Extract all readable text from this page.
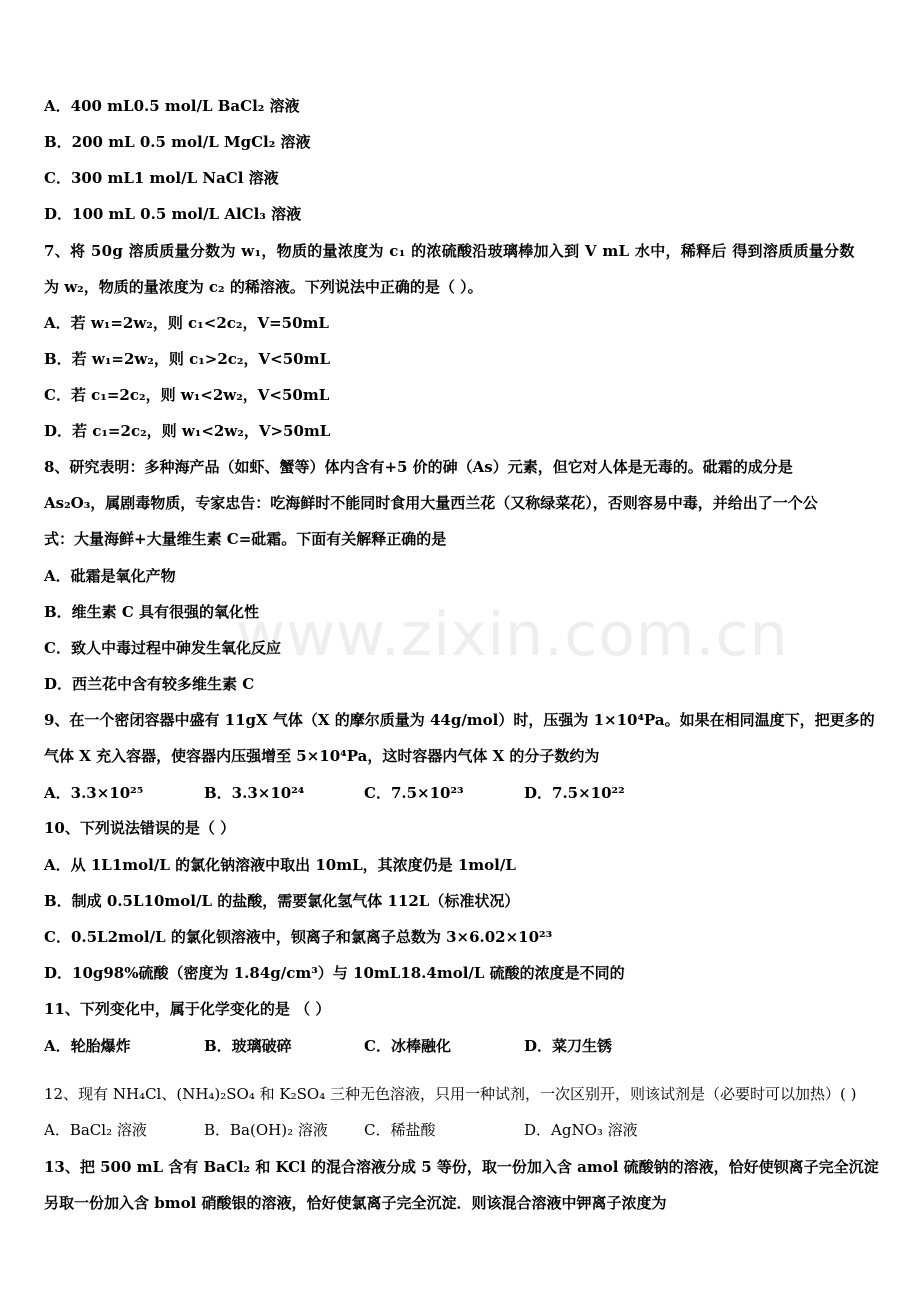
A．400 mL0.5 mol/L BaCl₂ 溶液
B．200 mL 0.5 mol/L MgCl₂ 溶液
C．300 mL1 mol/L NaCl 溶液
D．100 mL 0.5 mol/L AlCl₃ 溶液
7、将 50g 溶质质量分数为 w₁，物质的量浓度为 c₁ 的浓硫酸沿玻璃棒加入到 V mL 水中，稀释后 得到溶质质量分数
为 w₂，物质的量浓度为 c₂ 的稀溶液。下列说法中正确的是（ ）。
A．若 w₁=2w₂，则 c₁<2c₂，V=50mL
B．若 w₁=2w₂，则 c₁>2c₂，V<50mL
C．若 c₁=2c₂，则 w₁<2w₂，V<50mL
D．若 c₁=2c₂，则 w₁<2w₂，V>50mL
8、研究表明：多种海产品（如虾、蟹等）体内含有+5 价的砷（As）元素，但它对人体是无毒的。砒霜的成分是
As₂O₃，属剧毒物质，专家忠告：吃海鲜时不能同时食用大量西兰花（又称绿菜花），否则容易中毒，并给出了一个公
式：大量海鲜+大量维生素 C=砒霜。下面有关解释正确的是
A．砒霜是氧化产物
B．维生素 C 具有很强的氧化性
C．致人中毒过程中砷发生氧化反应
D．西兰花中含有较多维生素 C
9、在一个密闭容器中盛有 11gX 气体（X 的摩尔质量为 44g/mol）时，压强为 1×10⁴Pa。如果在相同温度下，把更多的
气体 X 充入容器，使容器内压强增至 5×10⁴Pa，这时容器内气体 X 的分子数约为
A．3.3×10²⁵	B．3.3×10²⁴	C．7.5×10²³	D．7.5×10²²
10、下列说法错误的是（ ）
A．从 1L1mol/L 的氯化钠溶液中取出 10mL，其浓度仍是 1mol/L
B．制成 0.5L10mol/L 的盐酸，需要氯化氢气体 112L（标准状况）
C．0.5L2mol/L 的氯化钡溶液中，钡离子和氯离子总数为 3×6.02×10²³
D．10g98%硫酸（密度为 1.84g/cm³）与 10mL18.4mol/L 硫酸的浓度是不同的
11、下列变化中，属于化学变化的是 （ ）
A．轮胎爆炸	B．玻璃破碎	C．冰棒融化	D．菜刀生锈
12、现有 NH₄Cl、(NH₄)₂SO₄ 和 K₂SO₄ 三种无色溶液，只用一种试剂，一次区别开，则该试剂是（必要时可以加热）( )
A．BaCl₂ 溶液	B．Ba(OH)₂ 溶液 C．稀盐酸	D．AgNO₃ 溶液
13、把 500 mL 含有 BaCl₂ 和 KCl 的混合溶液分成 5 等份，取一份加入含 amol 硫酸钠的溶液，恰好使钡离子完全沉淀
另取一份加入含 bmol 硝酸银的溶液，恰好使氯离子完全沉淀．则该混合溶液中钾离子浓度为
www.zixin.com.cn
